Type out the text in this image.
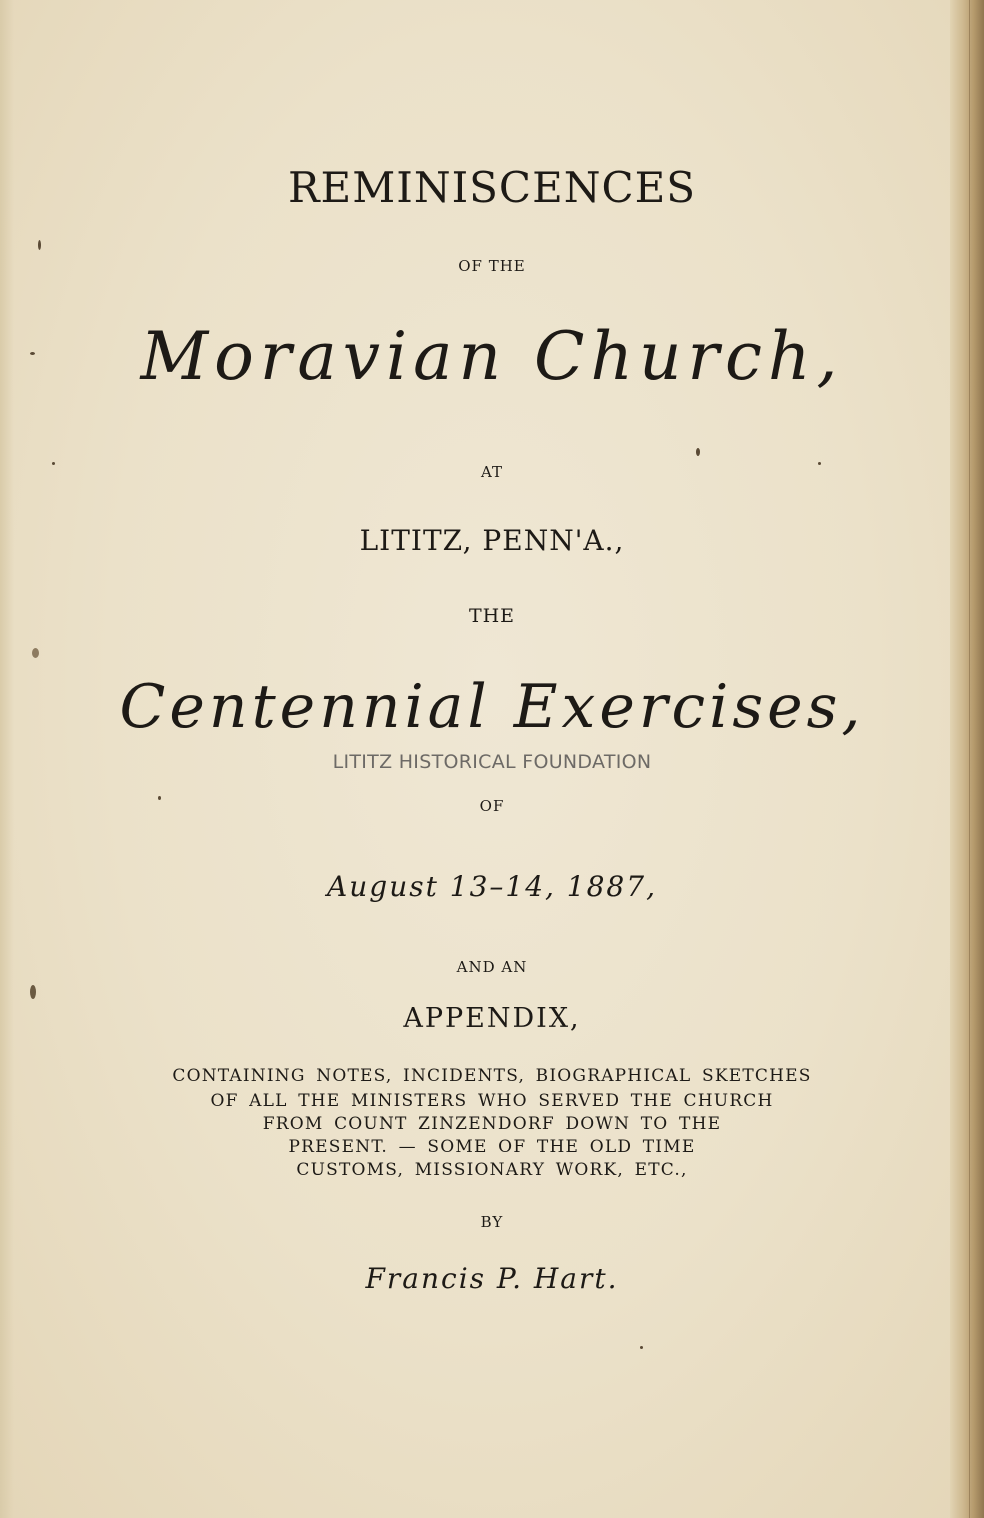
REMINISCENCES
OF THE
Moravian Church,
AT
LITITZ, PENN'A.,
THE
Centennial Exercises,
LITITZ HISTORICAL FOUNDATION
OF
August 13–14, 1887,
AND AN
APPENDIX,
CONTAINING NOTES, INCIDENTS, BIOGRAPHICAL SKETCHES
OF ALL THE MINISTERS WHO SERVED THE CHURCH
FROM COUNT ZINZENDORF DOWN TO THE
PRESENT. — SOME OF THE OLD TIME
CUSTOMS, MISSIONARY WORK, ETC.,
BY
Francis P. Hart.
